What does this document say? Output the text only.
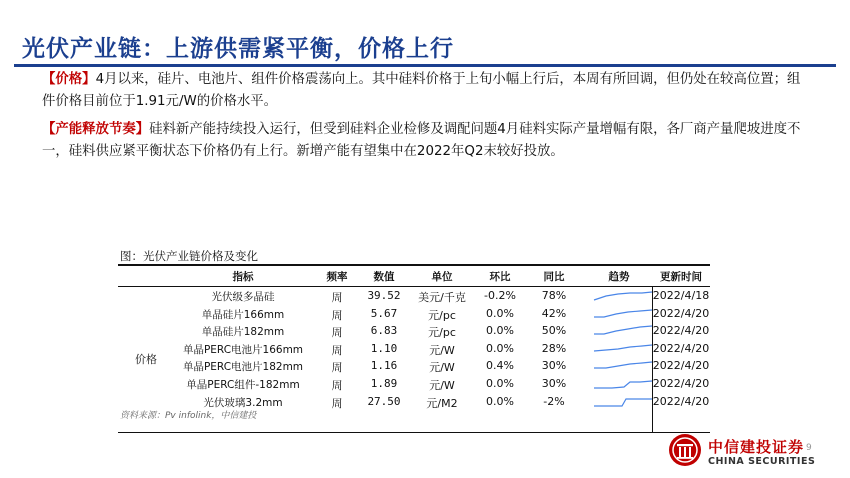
光伏产业链：上游供需紧平衡，价格上行
【价格】4月以来，硅片、电池片、组件价格震荡向上。其中硅料价格于上旬小幅上行后，本周有所回调，但仍处在较高位置；组件价格目前位于1.91元/W的价格水平。
【产能释放节奏】硅料新产能持续投入运行，但受到硅料企业检修及调配问题4月硅料实际产量增幅有限，各厂商产量爬坡进度不一，硅料供应紧平衡状态下价格仍有上行。新增产能有望集中在2022年Q2末较好投放。
图：光伏产业链价格及变化
指标	频率	数值	单位	环比	同比	趋势	更新时间
价格
光伏级多晶硅	周	39.52	美元/千克	-0.2%	78%	2022/4/18
单晶硅片166mm	周	5.67	元/pc	0.0%	42%	2022/4/20
单晶硅片182mm	周	6.83	元/pc	0.0%	50%	2022/4/20
单晶PERC电池片166mm	周	1.10	元/W	0.0%	28%	2022/4/20
单晶PERC电池片182mm	周	1.16	元/W	0.4%	30%	2022/4/20
单晶PERC组件-182mm	周	1.89	元/W	0.0%	30%	2022/4/20
光伏玻璃3.2mm	周	27.50	元/M2	0.0%	-2%	2022/4/20
资料来源：Pv infolink，中信建投
中信建投证券
CHINA SECURITIES
9
